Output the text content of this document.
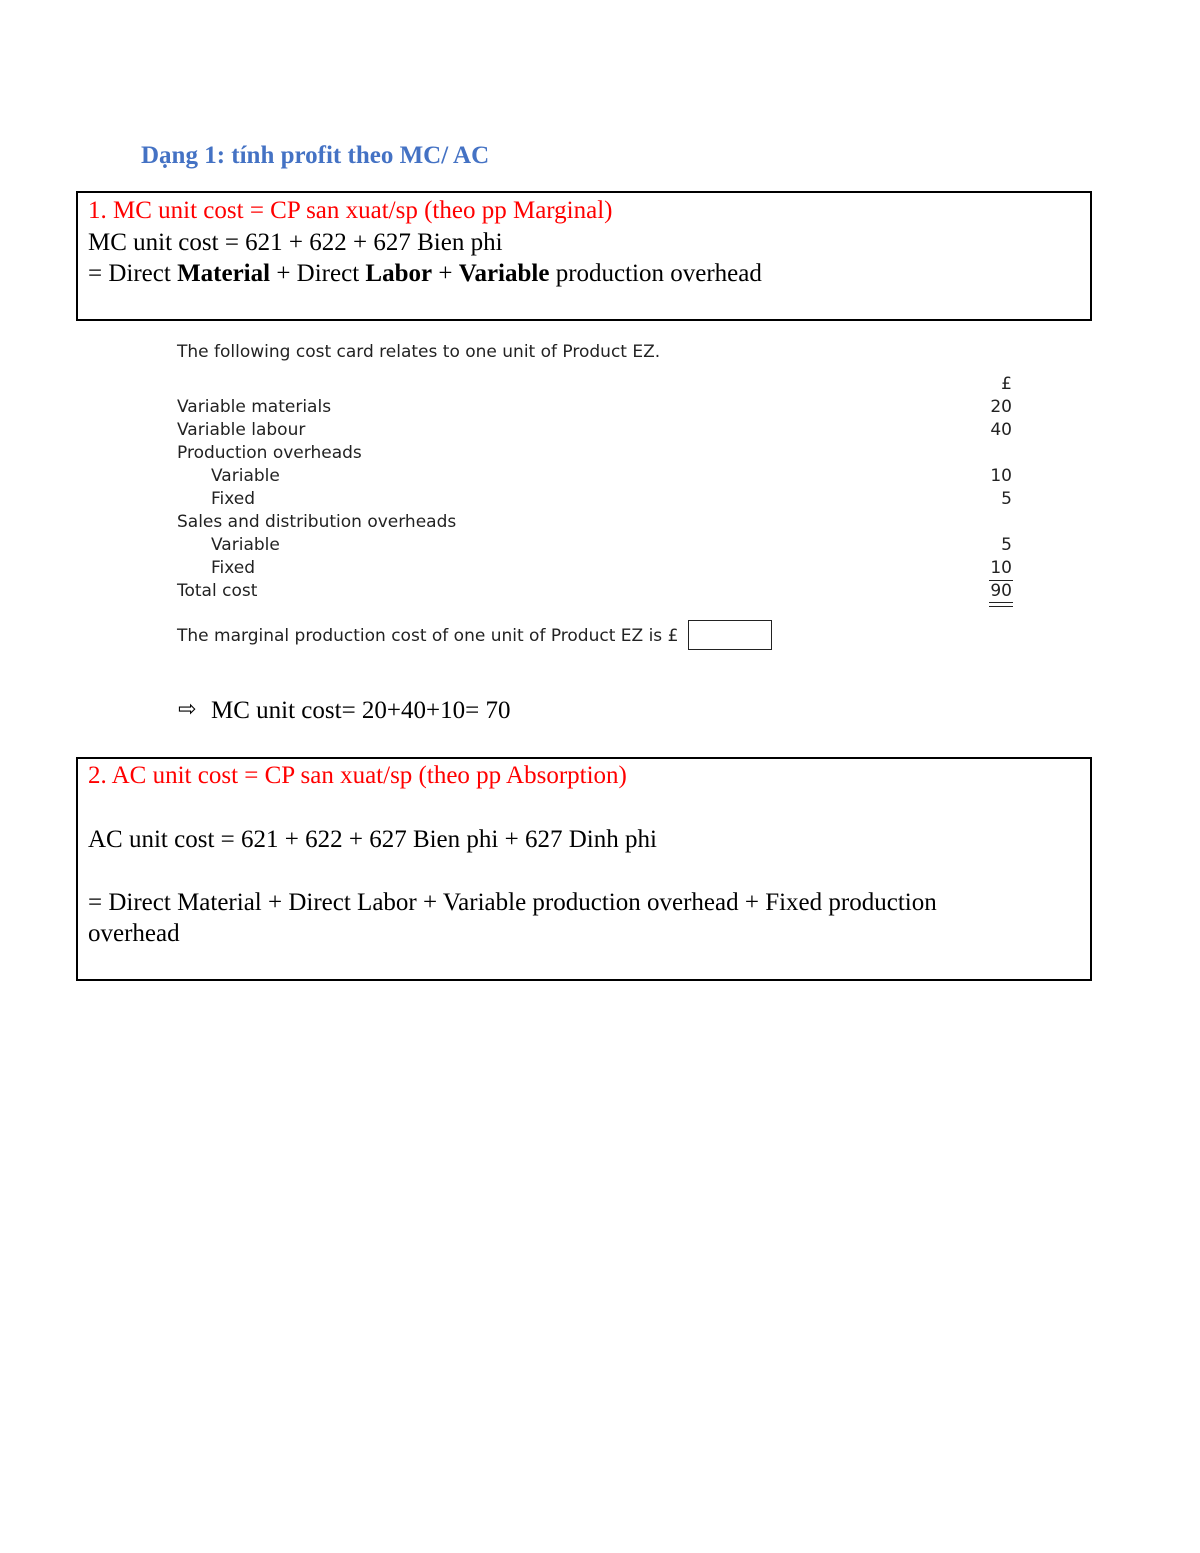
Dạng 1: tính profit theo MC/ AC
1. MC unit cost = CP san xuat/sp (theo pp Marginal)
MC unit cost = 621 + 622 + 627 Bien phi
= Direct Material + Direct Labor + Variable production overhead
The following cost card relates to one unit of Product EZ.
£
Variable materials	20
Variable labour	40
Production overheads
Variable	10
Fixed	5
Sales and distribution overheads
Variable	5
Fixed	10
Total cost	90
The marginal production cost of one unit of Product EZ is £
⇨ MC unit cost= 20+40+10= 70
2. AC unit cost = CP san xuat/sp (theo pp Absorption)
AC unit cost = 621 + 622 + 627 Bien phi + 627 Dinh phi
= Direct Material + Direct Labor + Variable production overhead + Fixed production
overhead
